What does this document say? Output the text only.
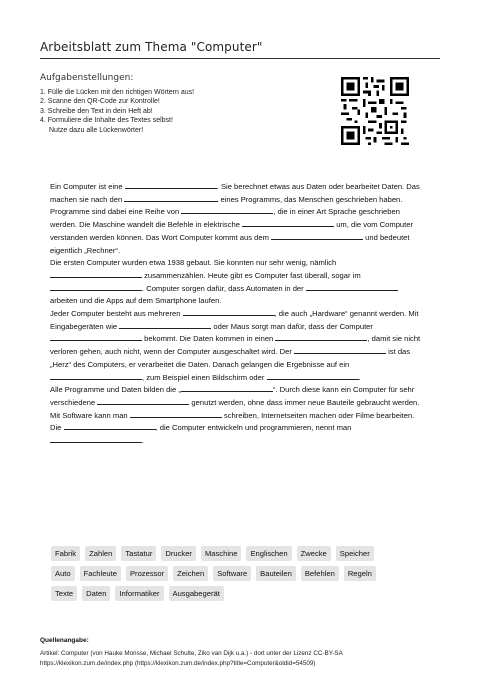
Arbeitsblatt zum Thema "Computer"
Aufgabenstellungen:
1. Fülle die Lücken mit den richtigen Wörtern aus!
2. Scanne den QR-Code zur Kontrolle!
3. Schreibe den Text in dein Heft ab!
4. Formuliere die Inhalte des Textes selbst!
Nutze dazu alle Lückenwörter!

Ein Computer ist eine	. Sie berechnet etwas aus Daten oder bearbeitet Daten. Das machen sie nach den	eines Programms, das Menschen geschrieben haben.

Programme sind dabei eine Reihe von	, die in einer Art Sprache geschrieben werden. Die Maschine wandelt die Befehle in elektrische	um, die vom Computer verstanden werden können. Das Wort Computer kommt aus dem	und bedeutet eigentlich „Rechner“.

Die ersten Computer wurden etwa 1938 gebaut. Sie konnten nur sehr wenig, nämlich  zusammenzählen. Heute gibt es Computer fast überall, sogar im . Computer sorgen dafür, dass Automaten in der  arbeiten und die Apps auf dem Smartphone laufen.

Jeder Computer besteht aus mehreren	, die auch „Hardware“ genannt werden. Mit Eingabegeräten wie	oder Maus sorgt man dafür, dass der Computer  bekommt. Die Daten kommen in einen	, damit sie nicht verloren gehen, auch nicht, wenn der Computer ausgeschaltet wird. Der	ist das „Herz“ des Computers, er verarbeitet die Daten. Danach gelangen die Ergebnisse auf ein , zum Beispiel einen Bildschirm oder	.

Alle Programme und Daten bilden die „	“. Durch diese kann ein Computer für sehr verschiedene	genutzt werden, ohne dass immer neue Bauteile gebraucht werden. Mit Software kann man	schreiben, Internetseiten machen oder Filme bearbeiten. Die	, die Computer entwickeln und programmieren, nennt man .

Fabrik	Zahlen	Tastatur	Drucker	Maschine	Englischen	Zwecke	Speicher
Auto	Fachleute	Prozessor	Zeichen	Software	Bauteilen	Befehlen	Regeln
Texte	Daten	Informatiker	Ausgabegerät
Quellenangabe:
Artikel: Computer (von Hauke Morisse, Michael Schulte, Ziko van Dijk u.a.) - dort unter der Lizenz CC-BY-SA
https://klexikon.zum.de/index.php (https://klexikon.zum.de/index.php?title=Computer&oldid=54509)
